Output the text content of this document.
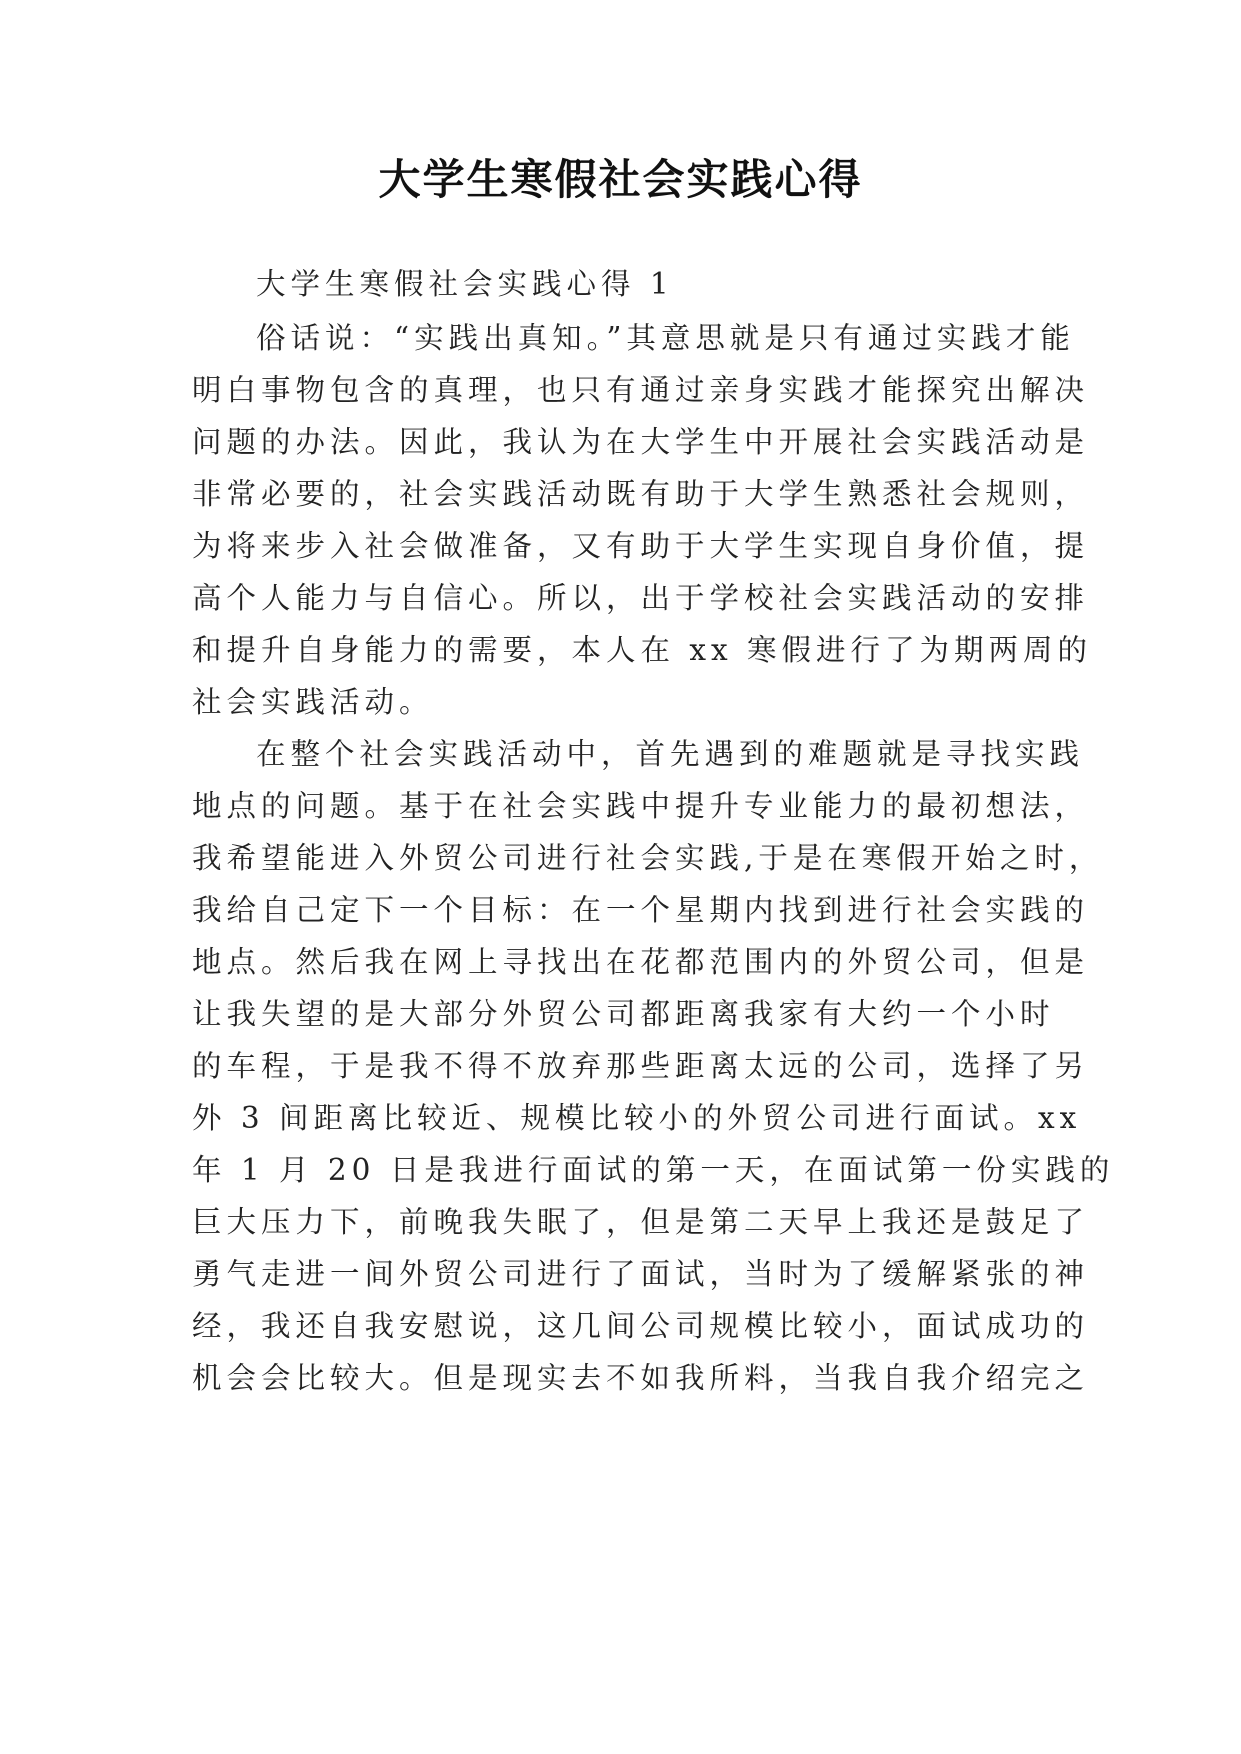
大学生寒假社会实践心得
大学生寒假社会实践心得 1
俗话说：“实践出真知。”其意思就是只有通过实践才能
明白事物包含的真理，也只有通过亲身实践才能探究出解决
问题的办法。因此，我认为在大学生中开展社会实践活动是
非常必要的，社会实践活动既有助于大学生熟悉社会规则，
为将来步入社会做准备，又有助于大学生实现自身价值，提
高个人能力与自信心。所以，出于学校社会实践活动的安排
和提升自身能力的需要，本人在 xx 寒假进行了为期两周的
社会实践活动。
在整个社会实践活动中，首先遇到的难题就是寻找实践
地点的问题。基于在社会实践中提升专业能力的最初想法，
我希望能进入外贸公司进行社会实践,于是在寒假开始之时，
我给自己定下一个目标：在一个星期内找到进行社会实践的
地点。然后我在网上寻找出在花都范围内的外贸公司，但是
让我失望的是大部分外贸公司都距离我家有大约一个小时
的车程，于是我不得不放弃那些距离太远的公司，选择了另
外 3 间距离比较近、规模比较小的外贸公司进行面试。xx
年 1 月 20 日是我进行面试的第一天，在面试第一份实践的
巨大压力下，前晚我失眠了，但是第二天早上我还是鼓足了
勇气走进一间外贸公司进行了面试，当时为了缓解紧张的神
经，我还自我安慰说，这几间公司规模比较小，面试成功的
机会会比较大。但是现实去不如我所料，当我自我介绍完之
